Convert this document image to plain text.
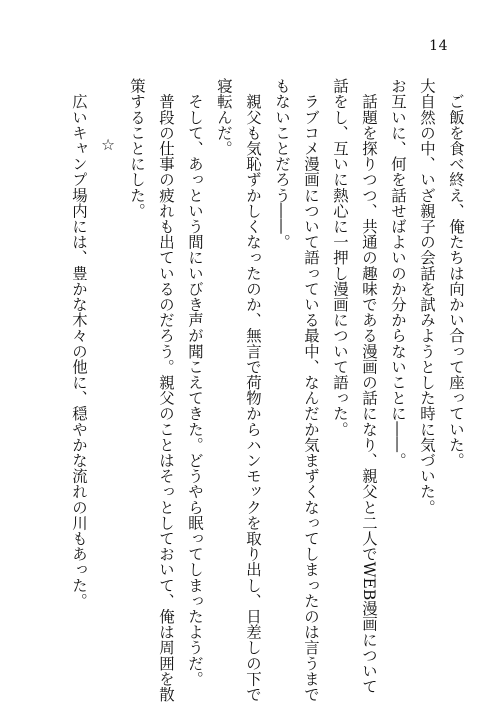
14
　ご飯を食べ終え、俺たちは向かい合って座っていた。
大自然の中、いざ親子の会話を試みようとした時に気づいた。
お互いに、何を話せばよいのか分からないことに――。
　話題を探りつつ、共通の趣味である漫画の話になり、親父と二人でWEB漫画について
話をし、互いに熱心に一押し漫画について語った。
　ラブコメ漫画について語っている最中、なんだか気まずくなってしまったのは言うまで
もないことだろう――。
　親父も気恥ずかしくなったのか、無言で荷物からハンモックを取り出し、日差しの下で
寝転んだ。
　そして、あっという間にいびき声が聞こえてきた。どうやら眠ってしまったようだ。
　普段の仕事の疲れも出ているのだろう。親父のことはそっとしておいて、俺は周囲を散
策することにした。
☆
　広いキャンプ場内には、豊かな木々の他に、穏やかな流れの川もあった。
